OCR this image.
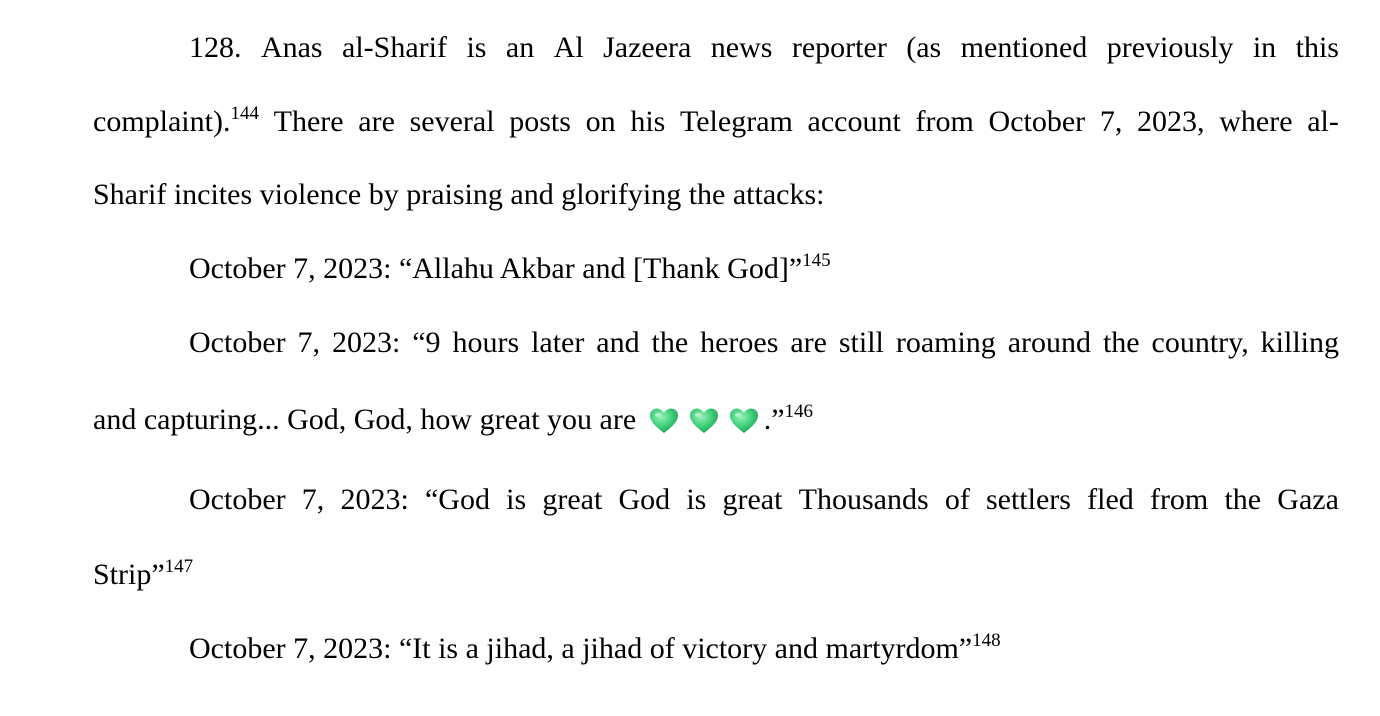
128. Anas al-Sharif is an Al Jazeera news reporter (as mentioned previously in this
complaint).$^{144}$ There are several posts on his Telegram account from October 7, 2023, where al-
Sharif incites violence by praising and glorifying the attacks:
October 7, 2023: “Allahu Akbar and [Thank God]”$^{145}$
October 7, 2023: “9 hours later and the heroes are still roaming around the country, killing
and capturing... God, God, how great you are	.”$^{146}$
October 7, 2023: “God is great God is great Thousands of settlers fled from the Gaza
Strip”$^{147}$
October 7, 2023: “It is a jihad, a jihad of victory and martyrdom”$^{148}$
